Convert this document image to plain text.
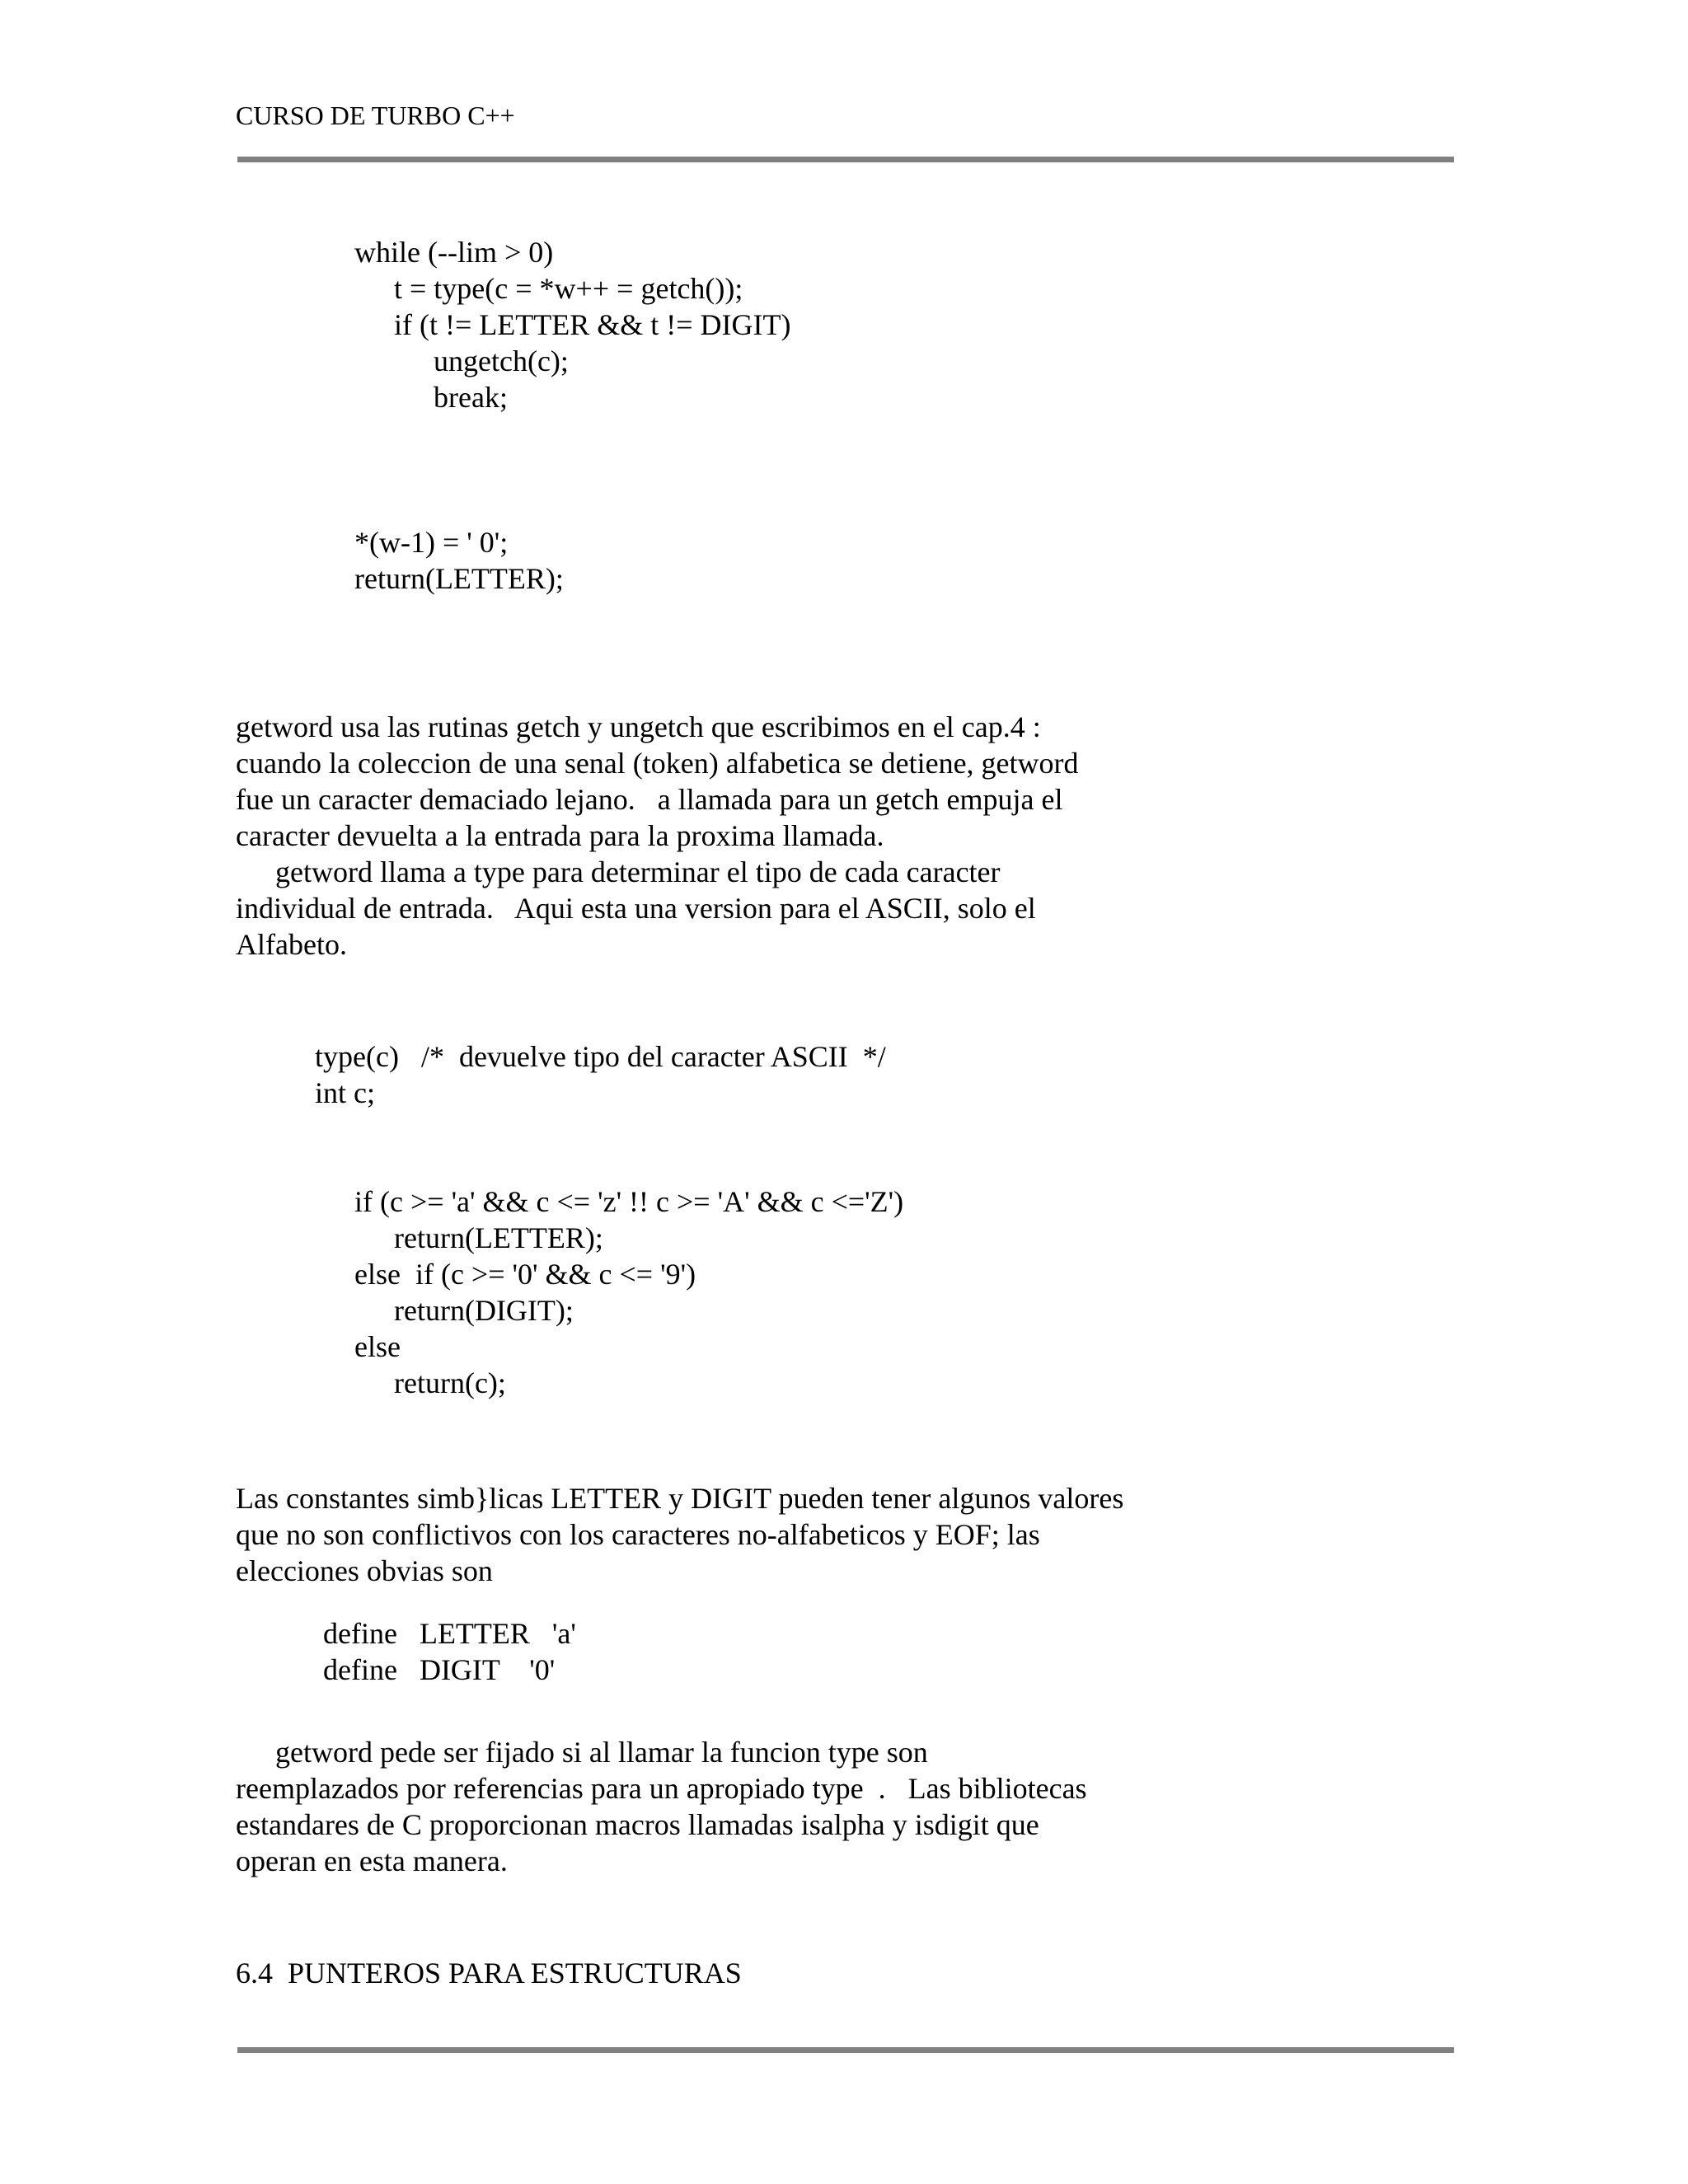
CURSO DE TURBO C++
while (--lim > 0)
t = type(c = *w++ = getch());
if (t != LETTER && t != DIGIT)
ungetch(c);
break;
*(w-1) = ' 0';
return(LETTER);
getword usa las rutinas getch y ungetch que escribimos en el cap.4 :
cuando la coleccion de una senal (token) alfabetica se detiene, getword
fue un caracter demaciado lejano.   a llamada para un getch empuja el
caracter devuelta a la entrada para la proxima llamada.
getword llama a type para determinar el tipo de cada caracter
individual de entrada.   Aqui esta una version para el ASCII, solo el
Alfabeto.
type(c)   /*  devuelve tipo del caracter ASCII  */
int c;
if (c >= 'a' && c <= 'z' !! c >= 'A' && c <='Z')
return(LETTER);
else  if (c >= '0' && c <= '9')
return(DIGIT);
else
return(c);
Las constantes simb}licas LETTER y DIGIT pueden tener algunos valores
que no son conflictivos con los caracteres no-alfabeticos y EOF; las
elecciones obvias son
define   LETTER   'a'
define   DIGIT    '0'
getword pede ser fijado si al llamar la funcion type son
reemplazados por referencias para un apropiado type  .   Las bibliotecas
estandares de C proporcionan macros llamadas isalpha y isdigit que
operan en esta manera.
6.4  PUNTEROS PARA ESTRUCTURAS
